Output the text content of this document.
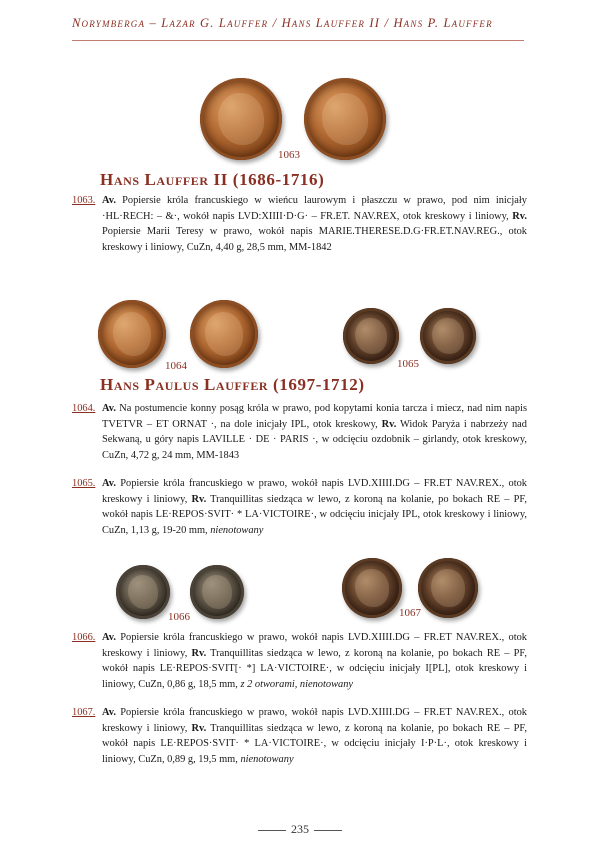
Norymberga – Lazar G. Lauffer / Hans Lauffer II / Hans P. Lauffer
1063
Hans Lauffer II (1686-1716)
1063. Av. Popiersie króla francuskiego w wieńcu laurowym i płaszczu w prawo, pod nim inicjały ·HL·RECH: – &·, wokół napis LVD:XIIII·D·G· – FR.ET. NAV.REX, otok kreskowy i liniowy, Rv. Popiersie Marii Teresy w prawo, wokół napis MARIE.THERESE.D.G·FR.ET.NAV.REG., otok kreskowy i liniowy, CuZn, 4,40 g, 28,5 mm, MM-1842
1064	1065
Hans Paulus Lauffer (1697-1712)
1064. Av. Na postumencie konny posąg króla w prawo, pod kopytami konia tarcza i miecz, nad nim napis TVETVR – ET ORNAT ·, na dole inicjały IPL, otok kreskowy, Rv. Widok Paryża i nabrzeży nad Sekwaną, u góry napis LAVILLE · DE · PARIS ·, w odcięciu ozdobnik – girlandy, otok kreskowy, CuZn, 4,72 g, 24 mm, MM-1843
1065. Av. Popiersie króla francuskiego w prawo, wokół napis LVD.XIIII.DG – FR.ET NAV.REX., otok kreskowy i liniowy, Rv. Tranquillitas siedząca w lewo, z koroną na kolanie, po bokach RE – PF, wokół napis LE·REPOS·SVIT· * LA·VICTOIRE·, w odcięciu inicjały IPL, otok kreskowy i liniowy, CuZn, 1,13 g, 19-20 mm, nienotowany
1066	1067
1066. Av. Popiersie króla francuskiego w prawo, wokół napis LVD.XIIII.DG – FR.ET NAV.REX., otok kreskowy i liniowy, Rv. Tranquillitas siedząca w lewo, z koroną na kolanie, po bokach RE – PF, wokół napis LE·REPOS·SVIT[· *] LA·VICTOIRE·, w odcięciu inicjały I[PL], otok kreskowy i liniowy, CuZn, 0,86 g, 18,5 mm, z 2 otworami, nienotowany
1067. Av. Popiersie króla francuskiego w prawo, wokół napis LVD.XIIII.DG – FR.ET NAV.REX., otok kreskowy i liniowy, Rv. Tranquillitas siedząca w lewo, z koroną na kolanie, po bokach RE – PF, wokół napis LE·REPOS·SVIT· * LA·VICTOIRE·, w odcięciu inicjały I·P·L·, otok kreskowy i liniowy, CuZn, 0,89 g, 19,5 mm, nienotowany
235
